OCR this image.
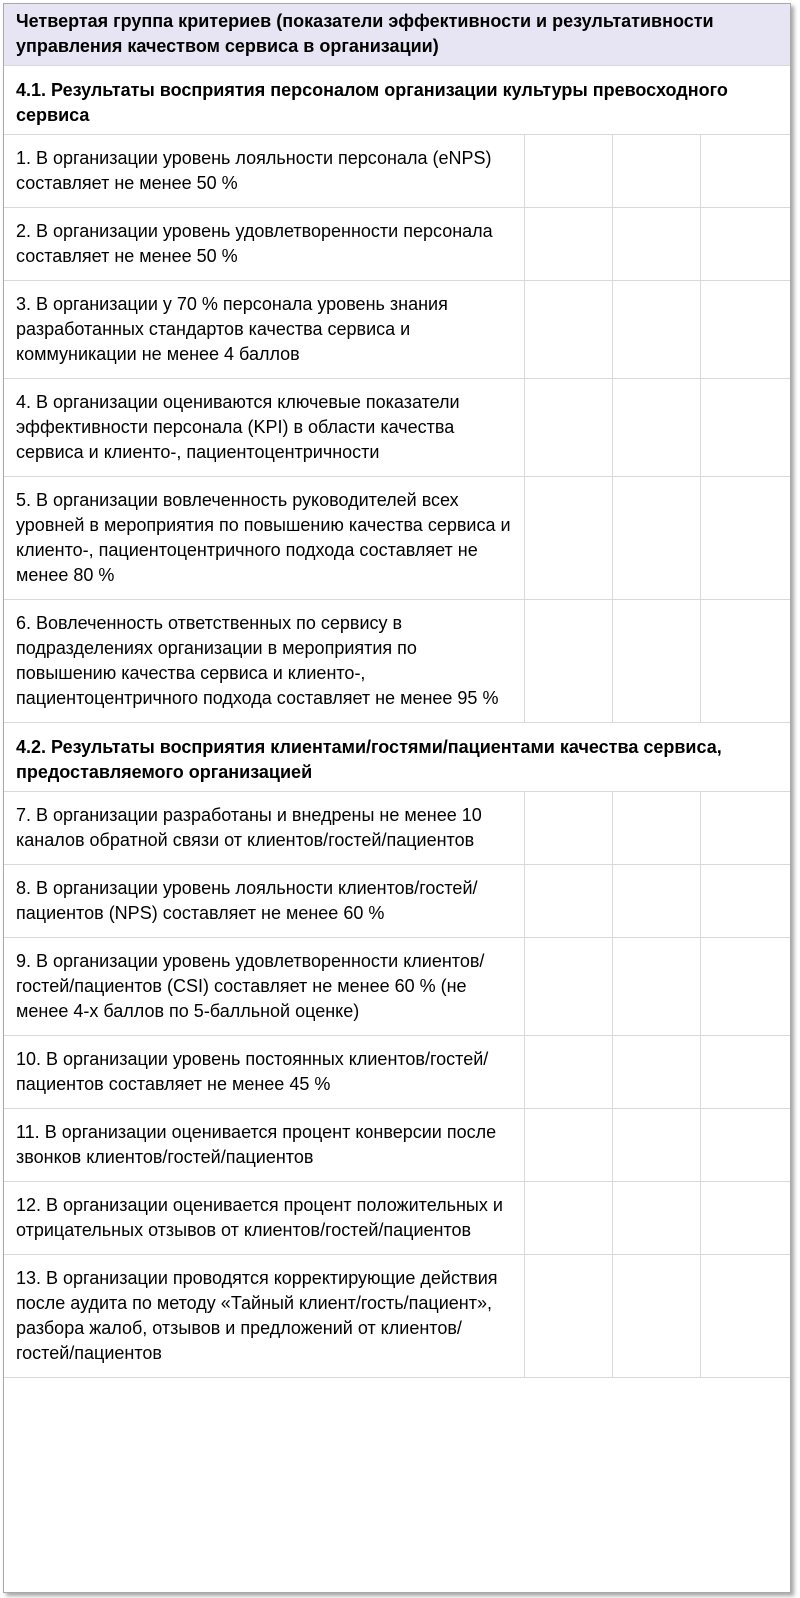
Четвертая группа критериев (показатели эффективности и результативности управления качеством сервиса в организации)			
4.1. Результаты восприятия персоналом организации культуры превосходного сервиса			
1. В организации уровень лояльности персонала (eNPS) составляет не менее 50 %			
2. В организации уровень удовлетворенности персонала составляет не менее 50 %			
3. В организации у 70 % персонала уровень знания разработанных стандартов качества сервиса и коммуникации не менее 4 баллов			
4. В организации оцениваются ключевые показатели эффективности персонала (KPI) в области качества сервиса и клиенто-, пациентоцентричности			
5. В организации вовлеченность руководителей всех уровней в мероприятия по повышению качества сервиса и клиенто-, пациентоцентричного подхода составляет не менее 80 %			
6. Вовлеченность ответственных по сервису в подразделениях организации в мероприятия по повышению качества сервиса и клиенто-, пациентоцентричного подхода составляет не менее 95 %			
4.2. Результаты восприятия клиентами/гостями/пациентами качества сервиса, предоставляемого организацией			
7. В организации разработаны и внедрены не менее 10 каналов обратной связи от клиентов/гостей/пациентов			
8. В организации уровень лояльности клиентов/гостей/пациентов (NPS) составляет не менее 60 %			
9. В организации уровень удовлетворенности клиентов/гостей/пациентов (CSI) составляет не менее 60 % (не менее 4-х баллов по 5-балльной оценке)			
10. В организации уровень постоянных клиентов/гостей/пациентов составляет не менее 45 %			
11. В организации оценивается процент конверсии после звонков клиентов/гостей/пациентов			
12. В организации оценивается процент положительных и отрицательных отзывов от клиентов/гостей/пациентов			
13. В организации проводятся корректирующие действия после аудита по методу «Тайный клиент/гость/пациент», разбора жалоб, отзывов и предложений от клиентов/гостей/пациентов			
